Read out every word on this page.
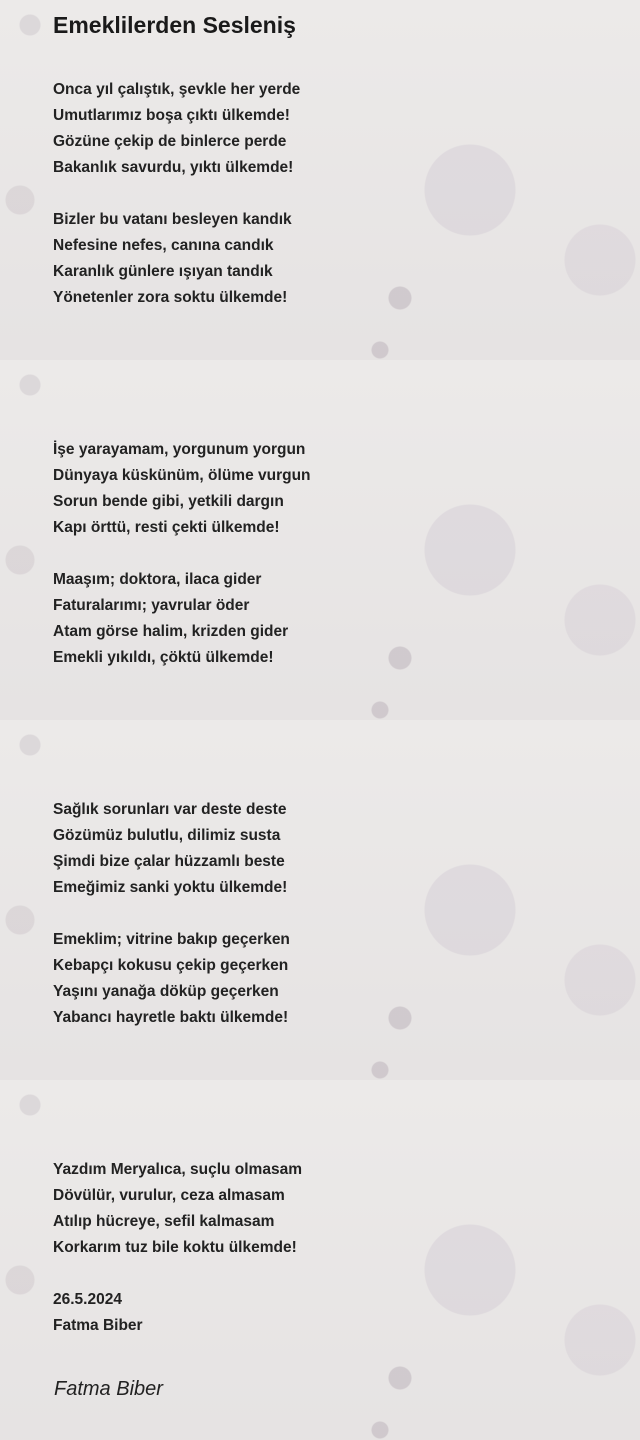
Emeklilerden Sesleniş
Onca yıl çalıştık, şevkle her yerde
Umutlarımız boşa çıktı ülkemde!
Gözüne çekip de binlerce perde
Bakanlık savurdu, yıktı ülkemde!
Bizler bu vatanı besleyen kandık
Nefesine nefes, canına candık
Karanlık günlere ışıyan tandık
Yönetenler zora soktu ülkemde!
İşe yarayamam, yorgunum yorgun
Dünyaya küskünüm, ölüme vurgun
Sorun bende gibi, yetkili dargın
Kapı örttü, resti çekti ülkemde!
Maaşım; doktora, ilaca gider
Faturalarımı; yavrular öder
Atam görse halim, krizden gider
Emekli yıkıldı, çöktü ülkemde!
Sağlık sorunları var deste deste
Gözümüz bulutlu, dilimiz susta
Şimdi bize çalar hüzzamlı beste
Emeğimiz sanki yoktu ülkemde!
Emeklim; vitrine bakıp geçerken
Kebapçı kokusu çekip geçerken
Yaşını yanağa döküp geçerken
Yabancı hayretle baktı ülkemde!
Yazdım Meryalıca, suçlu olmasam
Dövülür, vurulur, ceza almasam
Atılıp hücreye, sefil kalmasam
Korkarım tuz bile koktu ülkemde!
26.5.2024
Fatma Biber
Fatma Biber
